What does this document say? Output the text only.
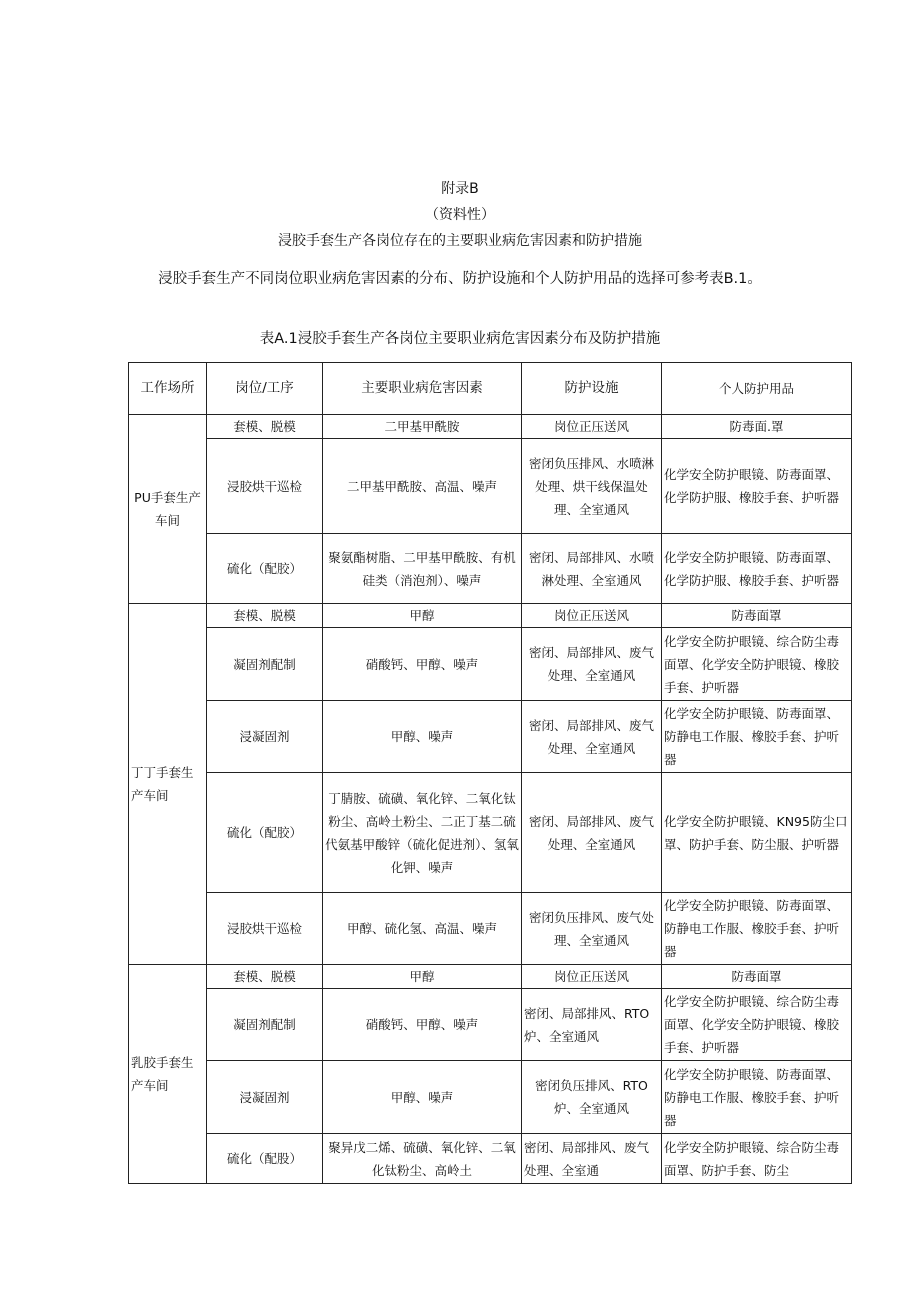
附录B
（资料性）
浸胶手套生产各岗位存在的主要职业病危害因素和防护措施
浸胶手套生产不同岗位职业病危害因素的分布、防护设施和个人防护用品的选择可参考表B.1。
表A.1浸胶手套生产各岗位主要职业病危害因素分布及防护措施
工作场所	岗位/工序	主要职业病危害因素	防护设施	个人防护用品
PU手套生产车间	套模、脱模	二甲基甲酰胺	岗位正压送风	防毒面.罩
	浸胶烘干巡检	二甲基甲酰胺、高温、噪声	密闭负压排风、水喷淋处理、烘干线保温处理、全室通风	化学安全防护眼镜、防毒面罩、化学防护服、橡胶手套、护听器
	硫化（配胶）	聚氨酯树脂、二甲基甲酰胺、有机硅类（消泡剂）、噪声	密闭、局部排风、水喷淋处理、全室通风	化学安全防护眼镜、防毒面罩、化学防护服、橡胶手套、护听器
丁丁手套生产车间	套模、脱模	甲醇	岗位正压送风	防毒面罩
	凝固剂配制	硝酸钙、甲醇、噪声	密闭、局部排风、废气处理、全室通风	化学安全防护眼镜、综合防尘毒面罩、化学安全防护眼镜、橡胶手套、护听器
	浸凝固剂	甲醇、噪声	密闭、局部排风、废气处理、全室通风	化学安全防护眼镜、防毒面罩、防静电工作服、橡胶手套、护听器
	硫化（配胶）	丁腈胺、硫磺、氧化锌、二氧化钛粉尘、高岭土粉尘、二正丁基二硫代氨基甲酸锌（硫化促进剂）、氢氧化钾、噪声	密闭、局部排风、废气处理、全室通风	化学安全防护眼镜、KN95防尘口罩、防护手套、防尘服、护听器
	浸胶烘干巡检	甲醇、硫化氢、高温、噪声	密闭负压排风、废气处理、全室通风	化学安全防护眼镜、防毒面罩、防静电工作服、橡胶手套、护听器
乳胶手套生产车间	套模、脱模	甲醇	岗位正压送风	防毒面罩
	凝固剂配制	硝酸钙、甲醇、噪声	密闭、局部排风、RTO炉、全室通风	化学安全防护眼镜、综合防尘毒面罩、化学安全防护眼镜、橡胶手套、护听器
	浸凝固剂	甲醇、噪声	密闭负压排风、RTO炉、全室通风	化学安全防护眼镜、防毒面罩、防静电工作服、橡胶手套、护听器
	硫化（配股）	聚异戊二烯、硫磺、氧化锌、二氧化钛粉尘、高岭土	密闭、局部排风、废气处理、全室通	化学安全防护眼镜、综合防尘毒面罩、防护手套、防尘
